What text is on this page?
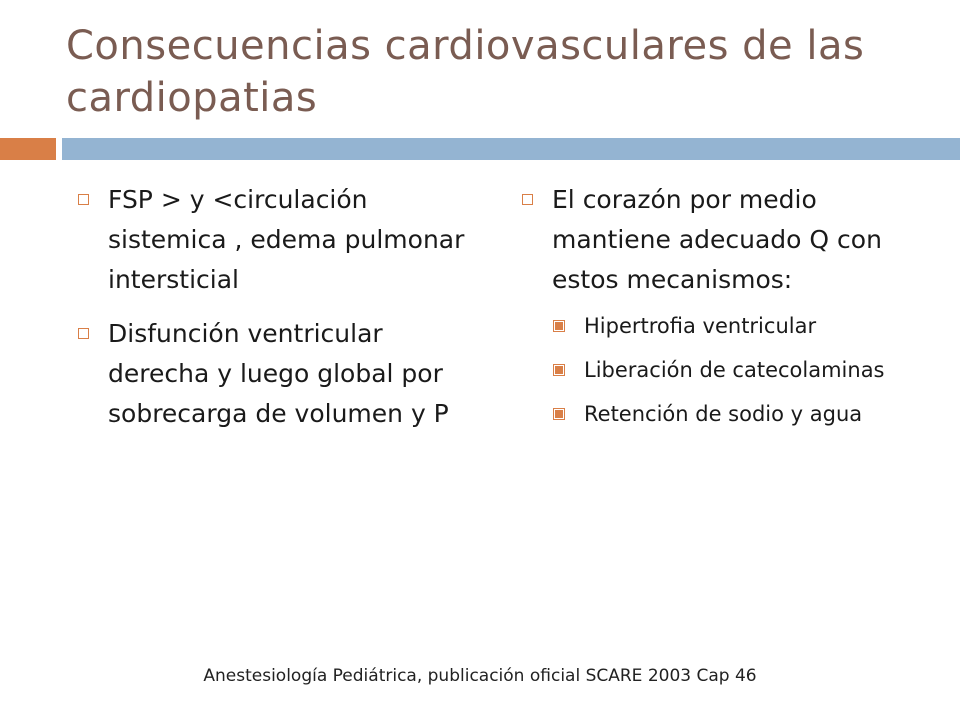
Consecuencias cardiovasculares de las cardiopatias
FSP > y <circulación sistemica , edema pulmonar intersticial
Disfunción ventricular derecha y luego global por sobrecarga de volumen y P
El corazón por medio mantiene adecuado Q con estos mecanismos:
Hipertrofia ventricular
Liberación de catecolaminas
Retención de sodio y agua
Anestesiología Pediátrica, publicación oficial SCARE 2003 Cap 46
